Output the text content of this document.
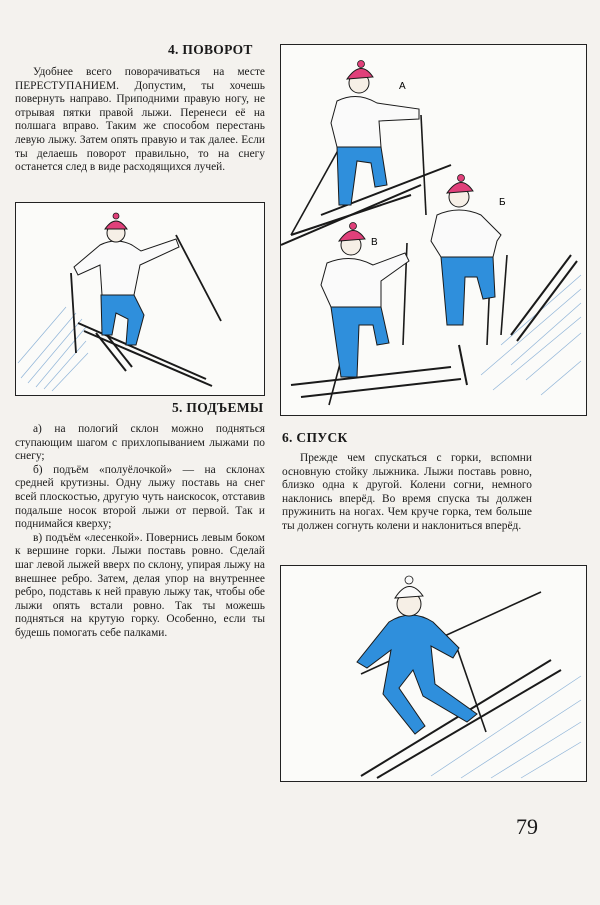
4. ПОВОРОТ

Удобнее всего поворачиваться на месте ПЕРЕСТУПАНИЕМ. Допустим, ты хочешь повернуть направо. Приподними правую ногу, не отрывая пятки правой лыжи. Перенеси её на полшага вправо. Таким же способом перестань левую лыжу. Затем опять правую и так далее. Если ты делаешь поворот правильно, то на снегу останется след в виде расходящихся лучей.

5. ПОДЪЕМЫ

а) на пологий склон можно подняться ступающим шагом с прихлопыванием лыжами по снегу;

б) подъём «полуёлочкой» — на склонах средней крутизны. Одну лыжу поставь на снег всей плоскостью, другую чуть наискосок, отставив подальше носок второй лыжи от первой. Так и поднимайся кверху;

в) подъём «лесенкой». Повернись левым боком к вершине горки. Лыжи поставь ровно. Сделай шаг левой лыжей вверх по склону, упирая лыжу на внешнее ребро. Затем, делая упор на внутреннее ребро, подставь к ней правую лыжу так, чтобы обе лыжи опять встали ровно. Так ты можешь подняться на крутую горку. Особенно, если ты будешь помогать себе палками.

А
Б
В
6. СПУСК

Прежде чем спускаться с горки, вспомни основную стойку лыжника. Лыжи поставь ровно, близко одна к другой. Колени согни, немного наклонись вперёд. Во время спуска ты должен пружинить на ногах. Чем круче горка, тем больше ты должен согнуть колени и наклониться вперёд.

79
